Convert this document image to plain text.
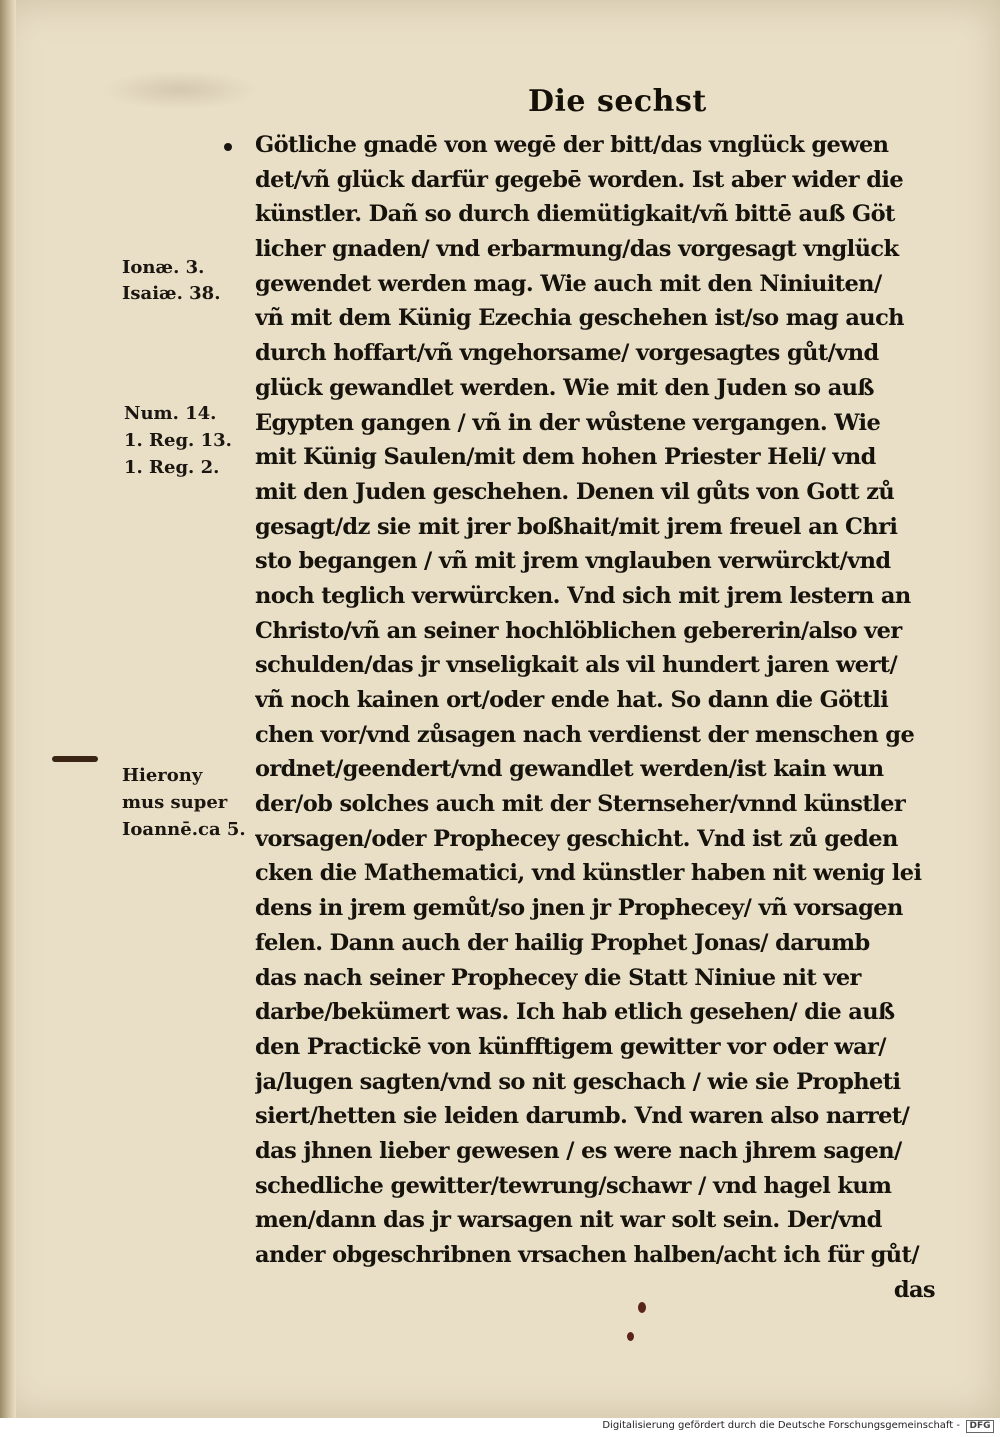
Die sechst
Götliche gnadē von wegē der bitt/das vnglück gewen
det/vñ glück darfür gegebē worden. Ist aber wider die
künstler. Dañ so durch diemütigkait/vñ bittē auß Göt
licher gnaden/ vnd erbarmung/das vorgesagt vnglück
gewendet werden mag. Wie auch mit den Niniuiten/
vñ mit dem Künig Ezechia geschehen ist/so mag auch
durch hoffart/vñ vngehorsame/ vorgesagtes gůt/vnd
glück gewandlet werden. Wie mit den Juden so auß
Egypten gangen / vñ in der wůstene vergangen. Wie
mit Künig Saulen/mit dem hohen Priester Heli/ vnd
mit den Juden geschehen. Denen vil gůts von Gott zů
gesagt/dz sie mit jrer boßhait/mit jrem freuel an Chri
sto begangen / vñ mit jrem vnglauben verwürckt/vnd
noch teglich verwürcken. Vnd sich mit jrem lestern an
Christo/vñ an seiner hochlöblichen gebererin/also ver
schulden/das jr vnseligkait als vil hundert jaren wert/
vñ noch kainen ort/oder ende hat. So dann die Göttli
chen vor/vnd zůsagen nach verdienst der menschen ge
ordnet/geendert/vnd gewandlet werden/ist kain wun
der/ob solches auch mit der Sternseher/vnnd künstler
vorsagen/oder Prophecey geschicht. Vnd ist zů geden
cken die Mathematici, vnd künstler haben nit wenig lei
dens in jrem gemůt/so jnen jr Prophecey/ vñ vorsagen
felen. Dann auch der hailig Prophet Jonas/ darumb
das nach seiner Prophecey die Statt Niniue nit ver
darbe/bekümert was. Ich hab etlich gesehen/ die auß
den Practickē von künfftigem gewitter vor oder war/
ja/lugen sagten/vnd so nit geschach / wie sie Propheti
siert/hetten sie leiden darumb. Vnd waren also narret/
das jhnen lieber gewesen / es were nach jhrem sagen/
schedliche gewitter/tewrung/schawr / vnd hagel kum
men/dann das jr warsagen nit war solt sein. Der/vnd
ander obgeschribnen vrsachen halben/acht ich für gůt/
das
Ionæ. 3.
Isaiæ. 38.
Num. 14.
1. Reg. 13.
1. Reg. 2.
Hierony
mus super
Ioannē.ca 5.
Digitalisierung gefördert durch die Deutsche Forschungsgemeinschaft -	DFG
